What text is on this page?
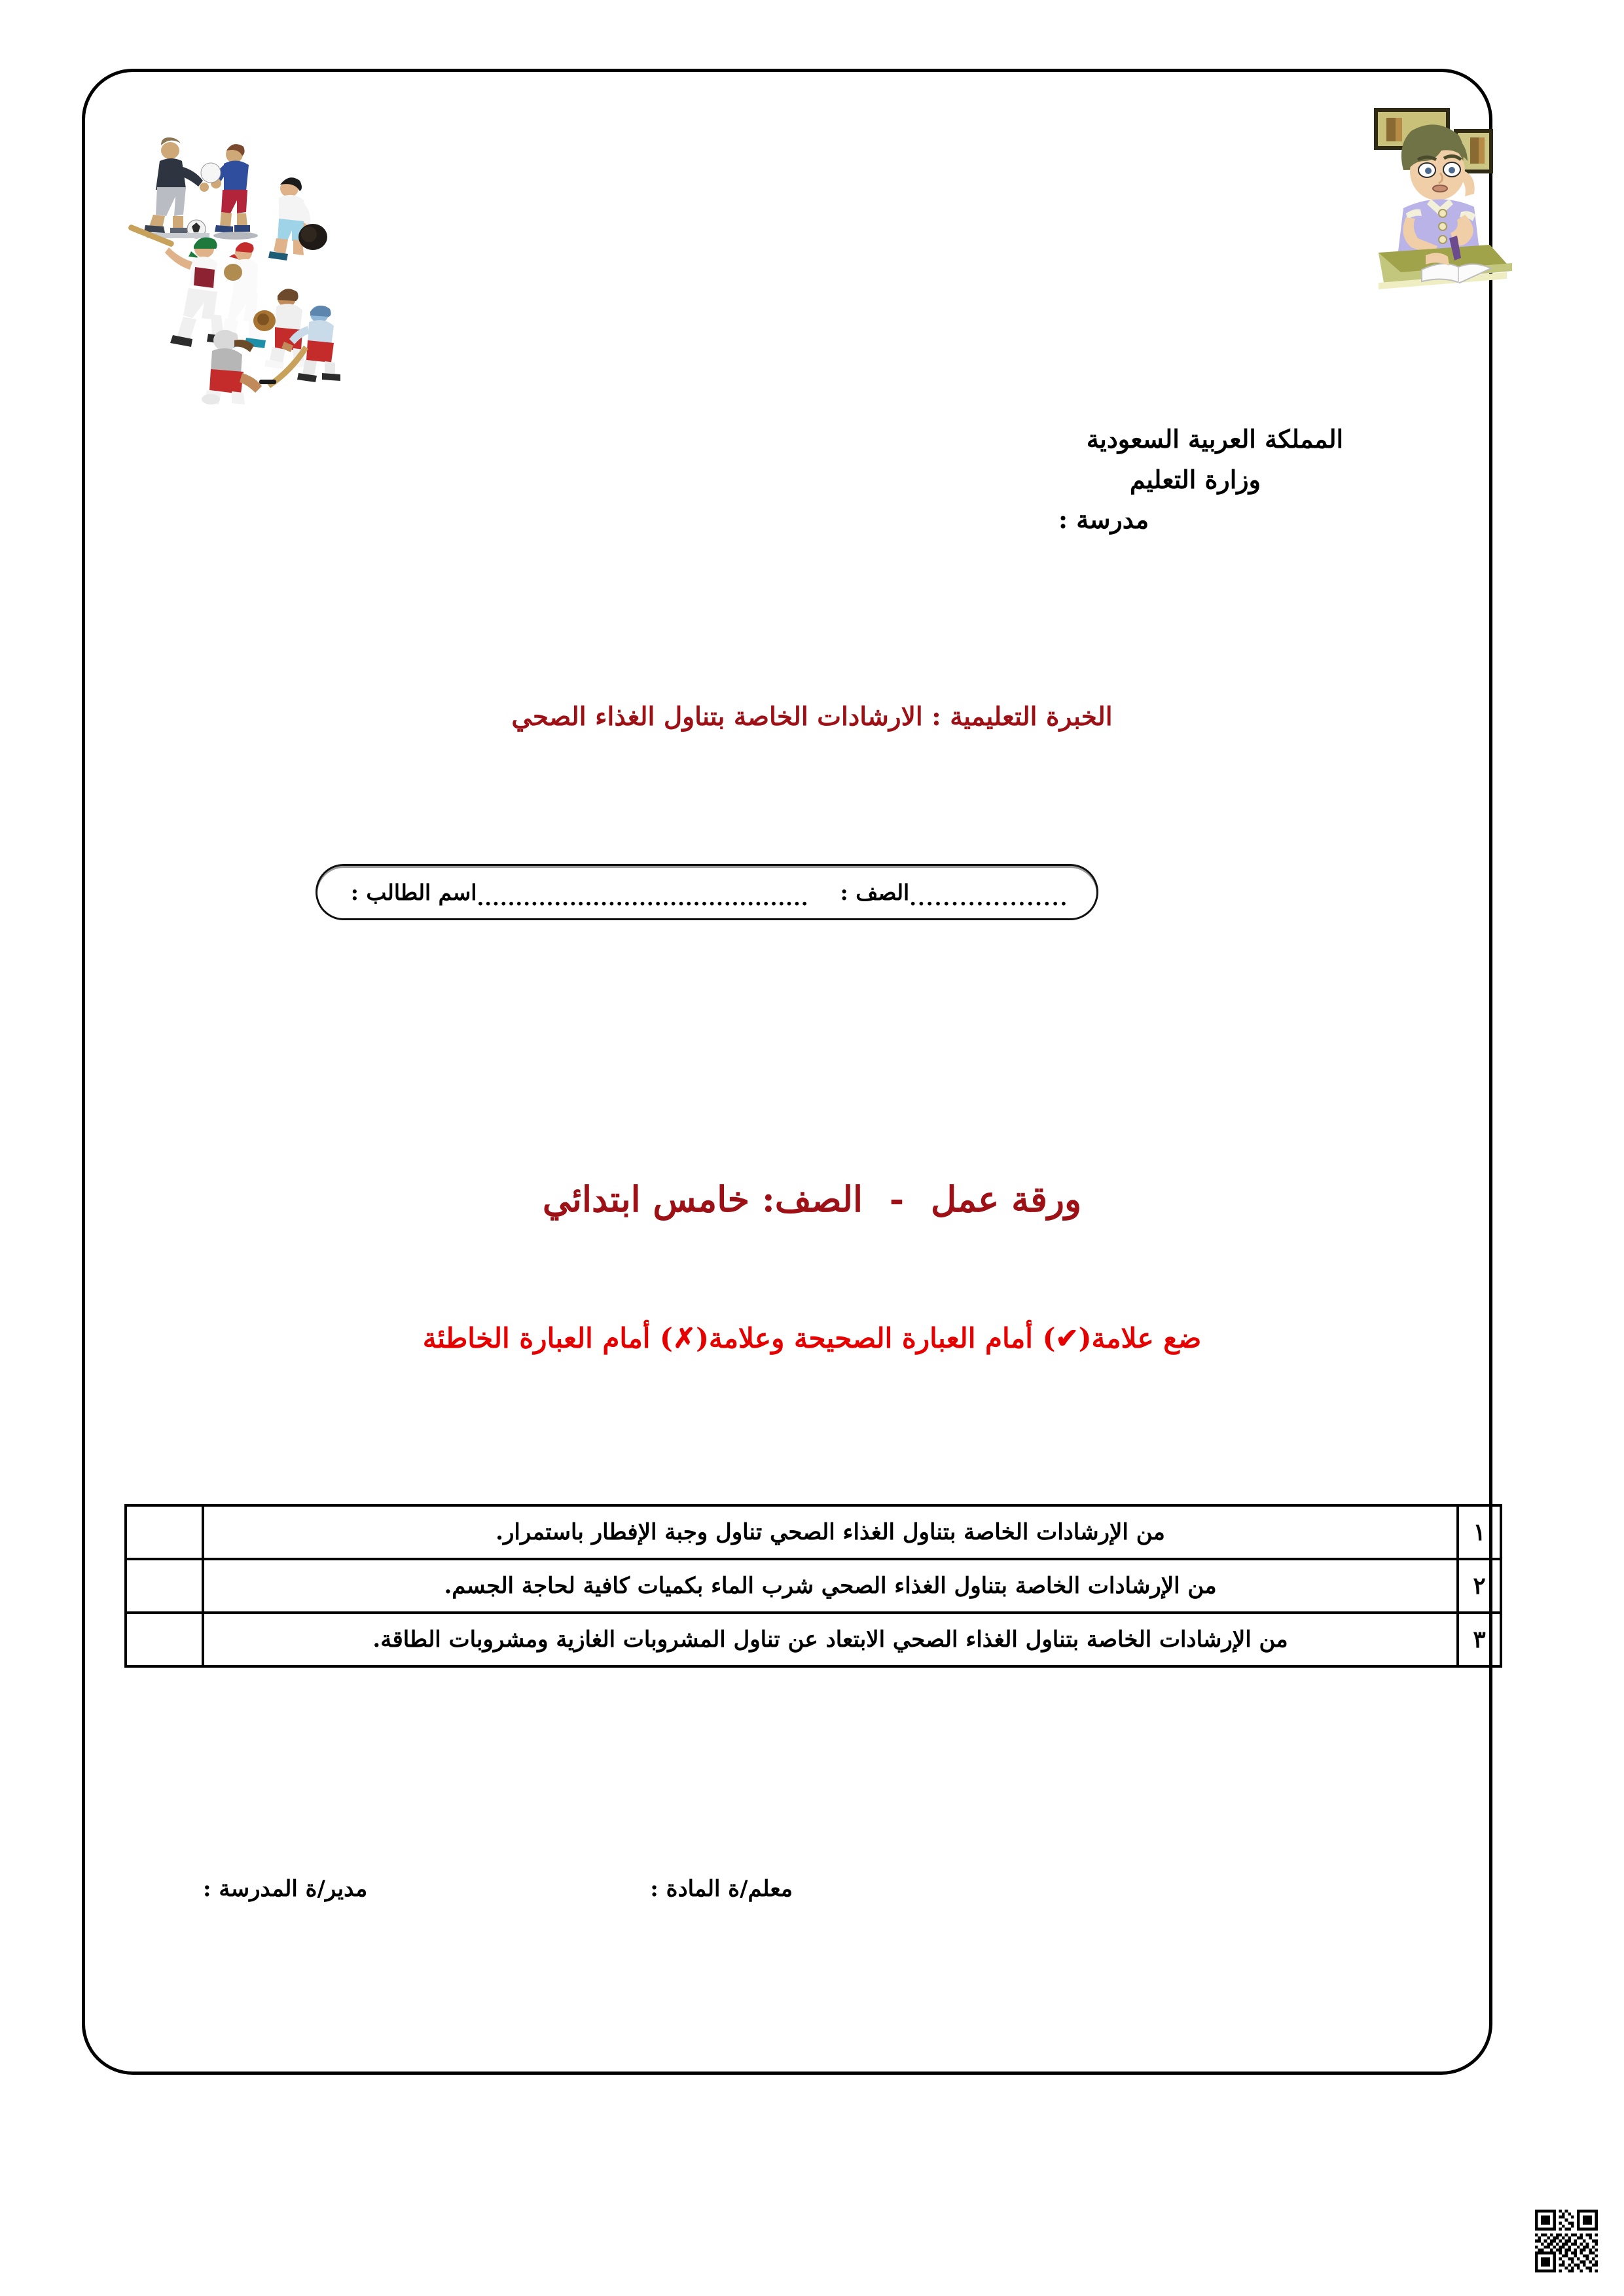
المملكة العربية السعودية
وزارة التعليم
مدرسة :
الخبرة التعليمية : الارشادات الخاصة بتناول الغذاء الصحي
...................
الصف :
...........................................
اسم الطالب :
ورقة عمل - الصف: خامس ابتدائي
ضع علامة(✔) أمام العبارة الصحيحة وعلامة(✗) أمام العبارة الخاطئة
١	من الإرشادات الخاصة بتناول الغذاء الصحي تناول وجبة الإفطار باستمرار.	
٢	من الإرشادات الخاصة بتناول الغذاء الصحي شرب الماء بكميات كافية لحاجة الجسم.	
٣	من الإرشادات الخاصة بتناول الغذاء الصحي الابتعاد عن تناول المشروبات الغازية ومشروبات الطاقة.	
معلم/ة المادة :
مدير/ة المدرسة :
